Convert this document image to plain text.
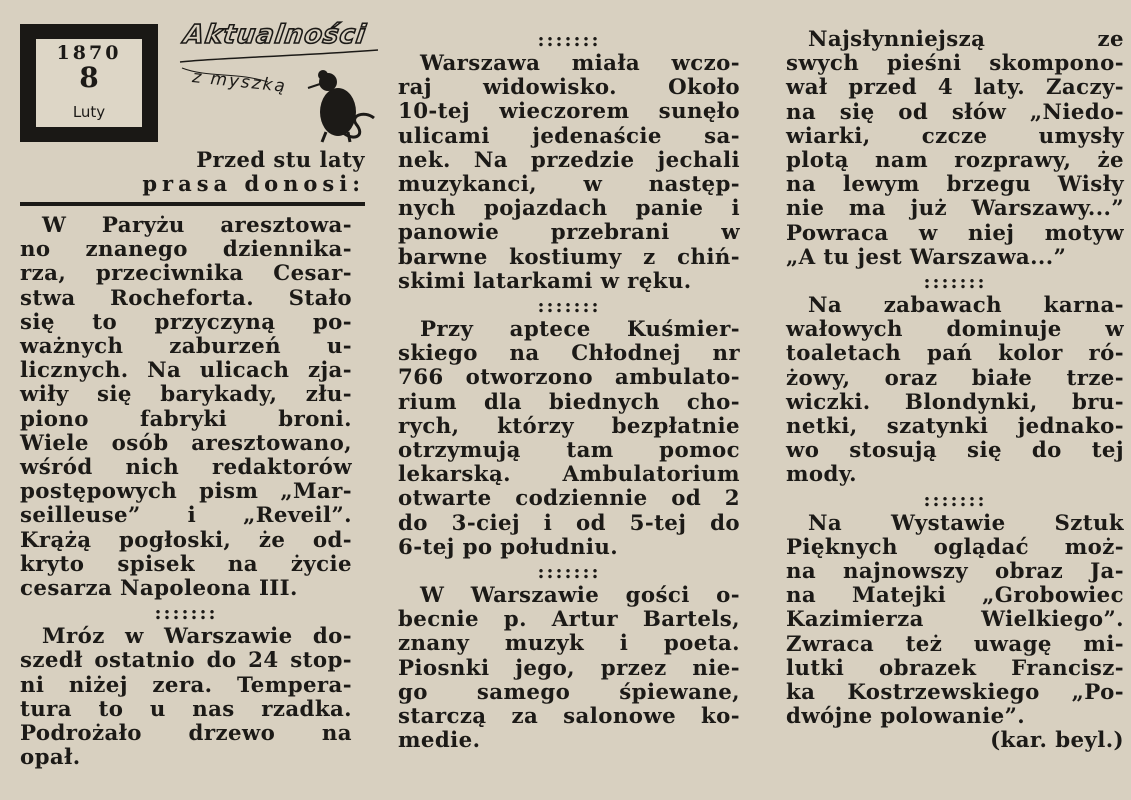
1870
8
Luty
Aktualności
z myszką
Przed stu laty
prasa donosi:
W Paryżu aresztowa-
no znanego dziennika-
rza, przeciwnika Cesar-
stwa Rocheforta. Stało
się to przyczyną po-
ważnych zaburzeń u-
licznych. Na ulicach zja-
wiły się barykady, złu-
piono fabryki broni.
Wiele osób aresztowano,
wśród nich redaktorów
postępowych pism „Mar-
seilleuse” i „Reveil”.
Krążą pogłoski, że od-
kryto spisek na życie
cesarza Napoleona III.
:::::::
Mróz w Warszawie do-
szedł ostatnio do 24 stop-
ni niżej zera. Tempera-
tura to u nas rzadka.
Podrożało drzewo na
opał.
:::::::
Warszawa miała wczo-
raj widowisko. Około
10-tej wieczorem sunęło
ulicami jedenaście sa-
nek. Na przedzie jechali
muzykanci, w następ-
nych pojazdach panie i
panowie przebrani w
barwne kostiumy z chiń-
skimi latarkami w ręku.
:::::::
Przy aptece Kuśmier-
skiego na Chłodnej nr
766 otworzono ambulato-
rium dla biednych cho-
rych, którzy bezpłatnie
otrzymują tam pomoc
lekarską. Ambulatorium
otwarte codziennie od 2
do 3-ciej i od 5-tej do
6-tej po południu.
:::::::
W Warszawie gości o-
becnie p. Artur Bartels,
znany muzyk i poeta.
Piosnki jego, przez nie-
go samego śpiewane,
starczą za salonowe ko-
medie.
Najsłynniejszą ze
swych pieśni skompono-
wał przed 4 laty. Zaczy-
na się od słów „Niedo-
wiarki, czcze umysły
plotą nam rozprawy, że
na lewym brzegu Wisły
nie ma już Warszawy...”
Powraca w niej motyw
„A tu jest Warszawa...”
:::::::
Na zabawach karna-
wałowych dominuje w
toaletach pań kolor ró-
żowy, oraz białe trze-
wiczki. Blondynki, bru-
netki, szatynki jednako-
wo stosują się do tej
mody.
:::::::
Na Wystawie Sztuk
Pięknych oglądać moż-
na najnowszy obraz Ja-
na Matejki „Grobowiec
Kazimierza Wielkiego”.
Zwraca też uwagę mi-
lutki obrazek Francisz-
ka Kostrzewskiego „Po-
dwójne polowanie”.
(kar. beyl.)
